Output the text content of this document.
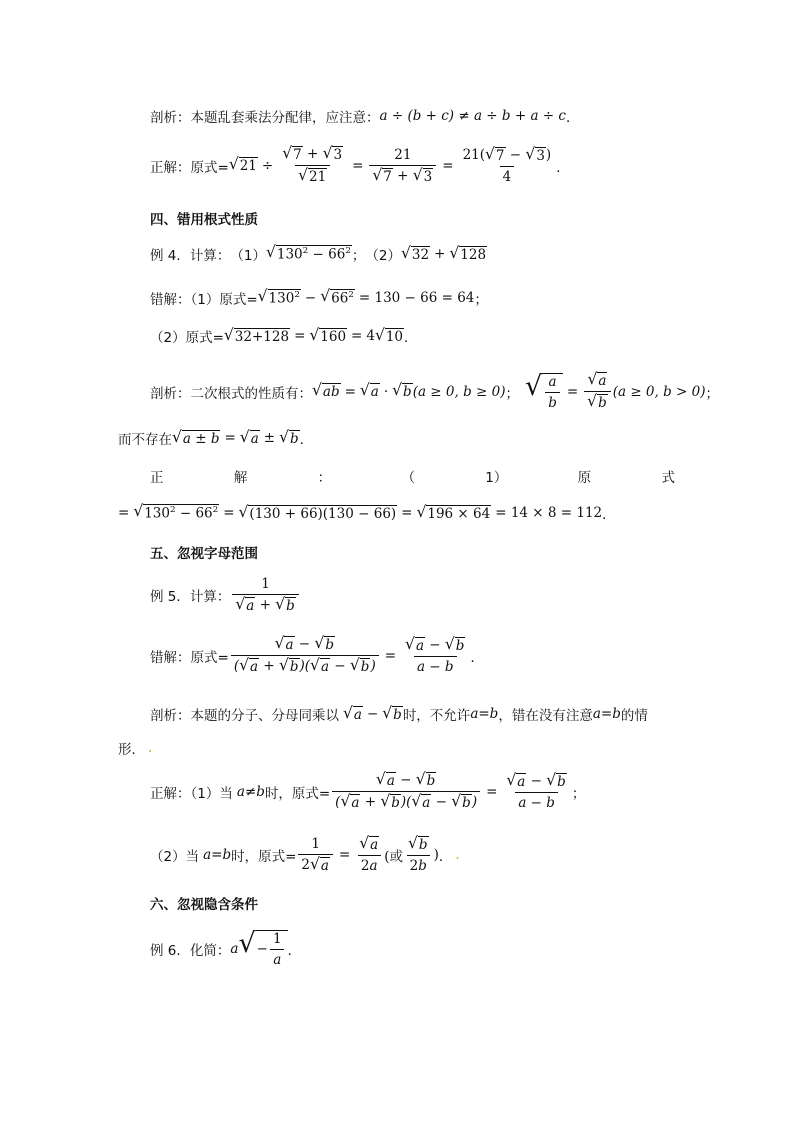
剖析：本题乱套乘法分配律，应注意： a ÷ (b + c) ≠ a ÷ b + a ÷ c ．
正解：原式= √ $21 \div \frac{√ 7 + √ 3}{√ 21} = \frac{21}{√ 7 + √ 3} = \frac{21( √ 7 - √ 3 )}{4}$ ．
四、错用根式性质
例 4．计算： （1） √ $130^2 - 66^2$ ； （2） √ 32 + √ 128
错解：（1）原式= √ $130^2$ − √ $66^2 = 130 - 66 = 64$ ；
（2）原式= √ 32+128 = √ 160 = 4 √ 10 ．
剖析：二次根式的性质有： √ ab = √ a · √ b (a ≥ 0, b ≥ 0) ； √ $\frac{a}{b} = \frac{√ a}{√ b} (a \ge 0$, b > 0) ；
而不存在 √ a ± b = √ a ± √ b ．
正	解	：	（	1）	原	式
= √ $130^2 - 66^2$ = √ (130 + 66)(130 − 66) = √ 196 × 64 = 14 × 8 = 112 ．
五、忽视字母范围
例 5．计算： $\frac{1}{√ a + √ b}$
错解：原式= $\frac{√ a - √ b}{( √ a + √ b )( √ a - √ b )} = \frac{√ a - √ b}{a - b}$ ．
剖析：本题的分子、分母同乘以 √ a − √ b 时，不允许 a=b ，错在没有注意 a=b 的情
形． .
正解：（1）当 a≠b 时，原式= $\frac{√ a - √ b}{( √ a + √ b )( √ a - √ b )} = \frac{√ a - √ b}{a - b}$ ；
（2）当 a=b 时，原式= $\frac{1}{2 √ a} = \frac{√ a}{2a}$ (或 $\frac{√ b}{2b}$ ) ． .
六、忽视隐含条件
例 6．化简： a √ − $\frac{1}{a}$ ．
